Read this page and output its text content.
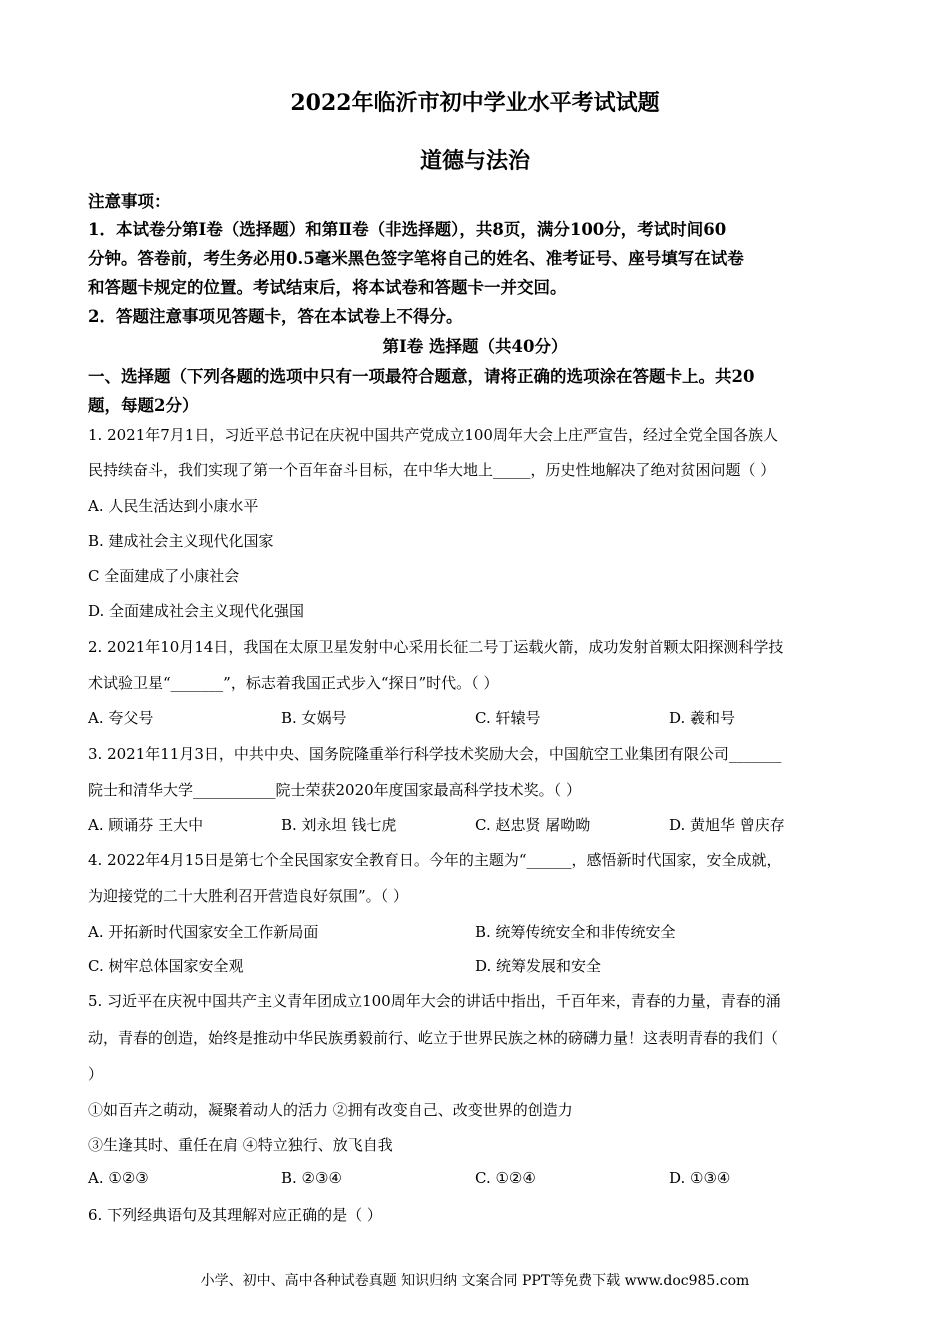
2022年临沂市初中学业水平考试试题
道德与法治
注意事项：
1．本试卷分第Ⅰ卷（选择题）和第Ⅱ卷（非选择题），共8页，满分100分，考试时间60
分钟。答卷前，考生务必用0.5毫米黑色签字笔将自己的姓名、准考证号、座号填写在试卷
和答题卡规定的位置。考试结束后，将本试卷和答题卡一并交回。
2．答题注意事项见答题卡，答在本试卷上不得分。
第Ⅰ卷 选择题（共40分）
一、选择题（下列各题的选项中只有一项最符合题意，请将正确的选项涂在答题卡上。共20
题，每题2分）
1. 2021年7月1日，习近平总书记在庆祝中国共产党成立100周年大会上庄严宣告，经过全党全国各族人
民持续奋斗，我们实现了第一个百年奋斗目标，在中华大地上_____，历史性地解决了绝对贫困问题（ ）
A. 人民生活达到小康水平
B. 建成社会主义现代化国家
C 全面建成了小康社会
D. 全面建成社会主义现代化强国
2. 2021年10月14日，我国在太原卫星发射中心采用长征二号丁运载火箭，成功发射首颗太阳探测科学技
术试验卫星“_______”，标志着我国正式步入“探日”时代。（ ）
A. 夸父号	B. 女娲号	C. 轩辕号	D. 羲和号
3. 2021年11月3日，中共中央、国务院隆重举行科学技术奖励大会，中国航空工业集团有限公司_______
院士和清华大学___________院士荣获2020年度国家最高科学技术奖。（ ）
A. 顾诵芬 王大中	B. 刘永坦 钱七虎	C. 赵忠贤 屠呦呦	D. 黄旭华 曾庆存
4. 2022年4月15日是第七个全民国家安全教育日。今年的主题为“______，感悟新时代国家，安全成就，
为迎接党的二十大胜利召开营造良好氛围”。（ ）
A. 开拓新时代国家安全工作新局面	B. 统筹传统安全和非传统安全
C. 树牢总体国家安全观	D. 统筹发展和安全
5. 习近平在庆祝中国共产主义青年团成立100周年大会的讲话中指出，千百年来，青春的力量，青春的涌
动，青春的创造，始终是推动中华民族勇毅前行、屹立于世界民族之林的磅礴力量！这表明青春的我们（
）
①如百卉之萌动，凝聚着动人的活力 ②拥有改变自己、改变世界的创造力
③生逢其时、重任在肩 ④特立独行、放飞自我
A. ①②③	B. ②③④	C. ①②④	D. ①③④
6. 下列经典语句及其理解对应正确的是（ ）
小学、初中、高中各种试卷真题 知识归纳 文案合同 PPT等免费下载 www.doc985.com
